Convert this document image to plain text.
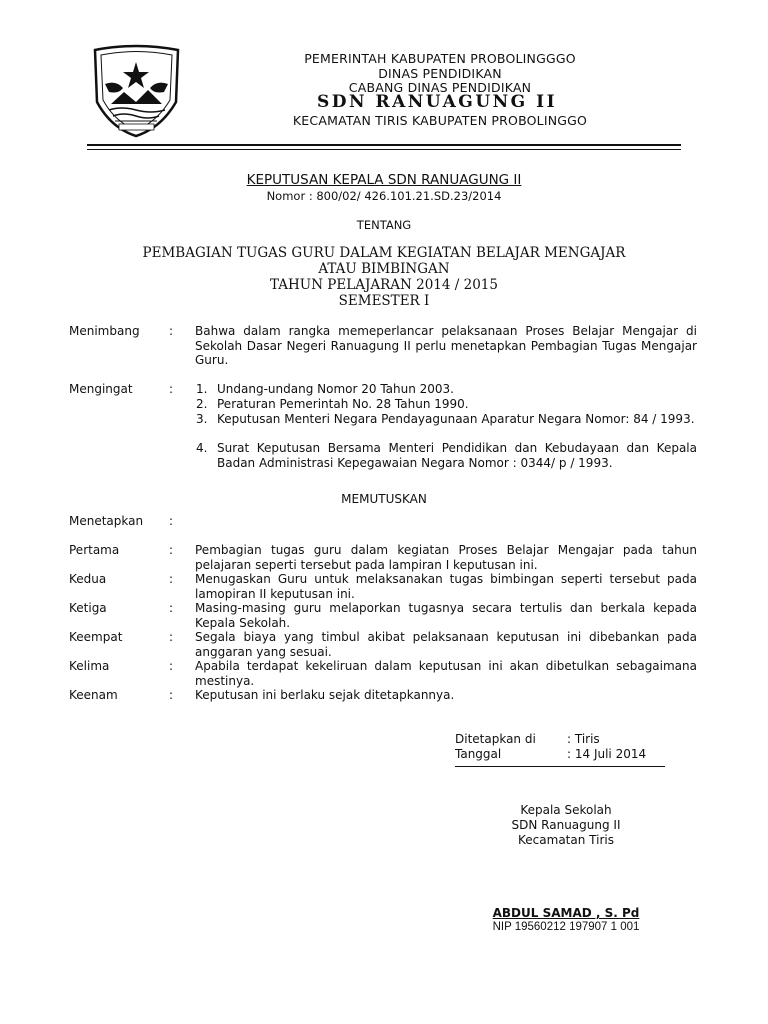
PEMERINTAH KABUPATEN PROBOLINGGGO
DINAS PENDIDIKAN
CABANG DINAS PENDIDIKAN
SDN RANUAGUNG II
KECAMATAN TIRIS KABUPATEN PROBOLINGGO
KEPUTUSAN KEPALA SDN RANUAGUNG II
Nomor : 800/02/ 426.101.21.SD.23/2014
TENTANG
PEMBAGIAN TUGAS GURU DALAM KEGIATAN BELAJAR MENGAJAR
ATAU BIMBINGAN
TAHUN PELAJARAN 2014 / 2015
SEMESTER I
Menimbang : Bahwa dalam rangka memeperlancar pelaksanaan Proses Belajar Mengajar di Sekolah Dasar Negeri Ranuagung II perlu menetapkan Pembagian Tugas Mengajar Guru.
Mengingat	: 1. Undang-undang Nomor 20 Tahun 2003.
2. Peraturan Pemerintah No. 28 Tahun 1990.
3. Keputusan Menteri Negara Pendayagunaan Aparatur Negara Nomor: 84 / 1993.
4. Surat Keputusan Bersama Menteri Pendidikan dan Kebudayaan dan Kepala Badan Administrasi Kepegawaian Negara Nomor : 0344/ p / 1993.
MEMUTUSKAN
Menetapkan :
Pertama	: Pembagian tugas guru dalam kegiatan Proses Belajar Mengajar pada tahun pelajaran seperti tersebut pada lampiran I keputusan ini.
Kedua	: Menugaskan Guru untuk melaksanakan tugas bimbingan seperti tersebut pada lamopiran II keputusan ini.
Ketiga	: Masing-masing guru melaporkan tugasnya secara tertulis dan berkala kepada Kepala Sekolah.
Keempat	: Segala biaya yang timbul akibat pelaksanaan keputusan ini dibebankan pada anggaran yang sesuai.
Kelima	: Apabila terdapat kekeliruan dalam keputusan ini akan dibetulkan sebagaimana mestinya.
Keenam	: Keputusan ini berlaku sejak ditetapkannya.
Ditetapkan di	: Tiris
Tanggal	: 14 Juli 2014
Kepala Sekolah
SDN Ranuagung II
Kecamatan Tiris
ABDUL SAMAD , S. Pd
NIP 19560212 197907 1 001
